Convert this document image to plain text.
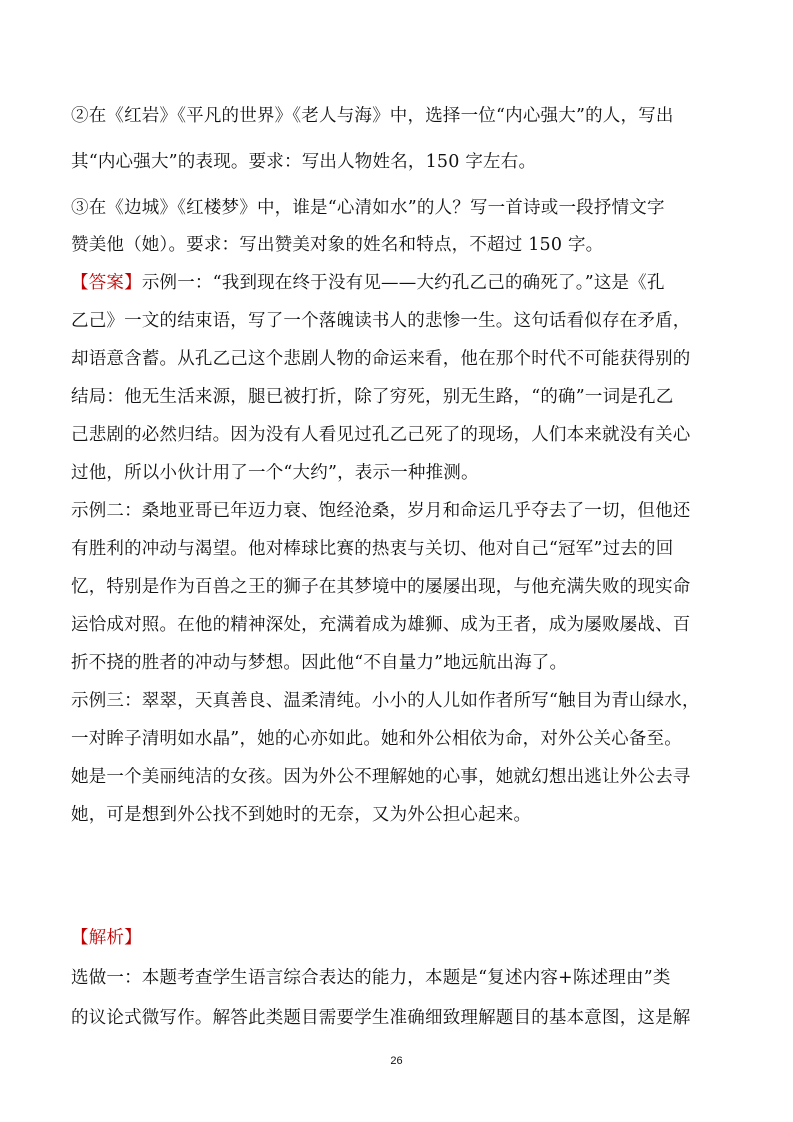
②在《红岩》《平凡的世界》《老人与海》中，选择一位“内心强大”的人，写出
其“内心强大”的表现。要求：写出人物姓名，150 字左右。
③在《边城》《红楼梦》中，谁是“心清如水”的人？写一首诗或一段抒情文字
赞美他（她）。要求：写出赞美对象的姓名和特点，不超过 150 字。
【答案】示例一：“我到现在终于没有见——大约孔乙己的确死了。”这是《孔
乙己》一文的结束语，写了一个落魄读书人的悲惨一生。这句话看似存在矛盾，
却语意含蓄。从孔乙己这个悲剧人物的命运来看，他在那个时代不可能获得别的
结局：他无生活来源，腿已被打折，除了穷死，别无生路，“的确”一词是孔乙
己悲剧的必然归结。因为没有人看见过孔乙己死了的现场，人们本来就没有关心
过他，所以小伙计用了一个“大约”，表示一种推测。
示例二：桑地亚哥已年迈力衰、饱经沧桑，岁月和命运几乎夺去了一切，但他还
有胜利的冲动与渴望。他对棒球比赛的热衷与关切、他对自己“冠军”过去的回
忆，特别是作为百兽之王的狮子在其梦境中的屡屡出现，与他充满失败的现实命
运恰成对照。在他的精神深处，充满着成为雄狮、成为王者，成为屡败屡战、百
折不挠的胜者的冲动与梦想。因此他“不自量力”地远航出海了。
示例三：翠翠，天真善良、温柔清纯。小小的人儿如作者所写“触目为青山绿水，
一对眸子清明如水晶”，她的心亦如此。她和外公相依为命，对外公关心备至。
她是一个美丽纯洁的女孩。因为外公不理解她的心事，她就幻想出逃让外公去寻
她，可是想到外公找不到她时的无奈，又为外公担心起来。
【解析】
选做一：本题考查学生语言综合表达的能力，本题是“复述内容+陈述理由”类
的议论式微写作。解答此类题目需要学生准确细致理解题目的基本意图，这是解
26
